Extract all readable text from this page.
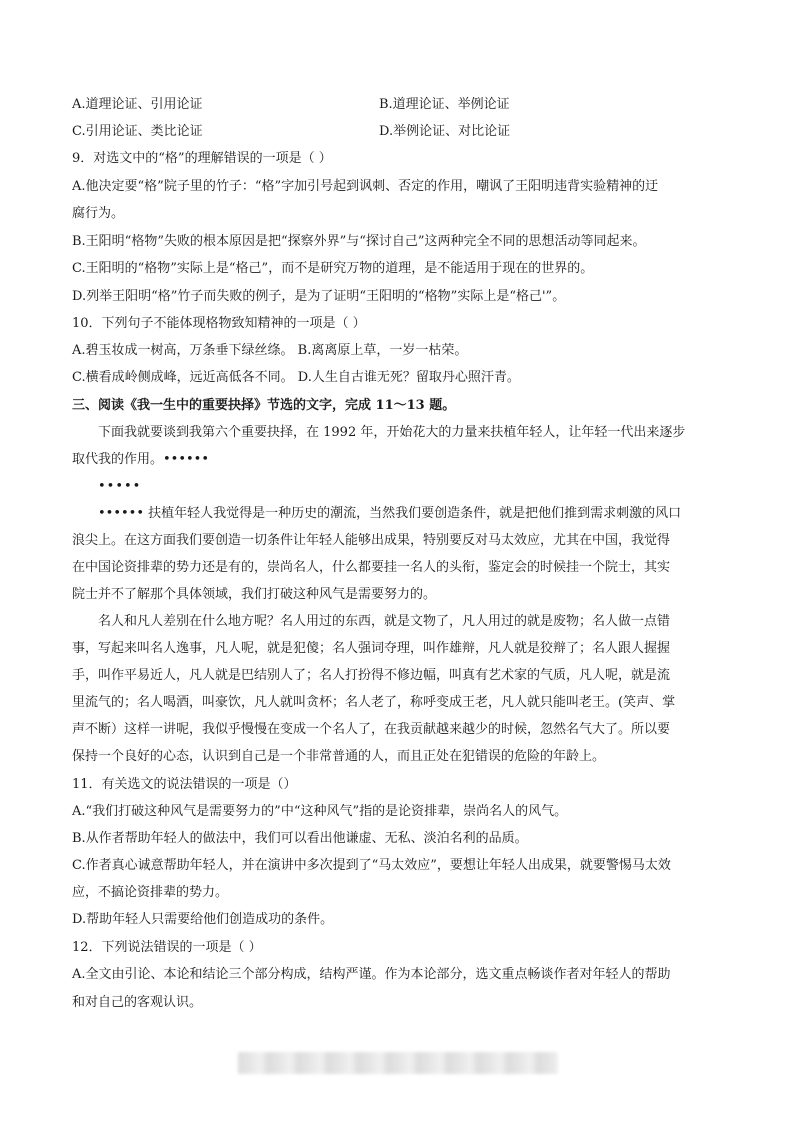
A.道理论证、引用论证	B.道理论证、举例论证
C.引用论证、类比论证	D.举例论证、对比论证
9．对选文中的“格”的理解错误的一项是（ ）
A.他决定要“格”院子里的竹子：“格”字加引号起到讽刺、否定的作用，嘲讽了王阳明违背实验精神的迂
腐行为。
B.王阳明“格物”失败的根本原因是把“探察外界”与“探讨自己”这两种完全不同的思想活动等同起来。
C.王阳明的“格物”实际上是“格己”，而不是研究万物的道理，是不能适用于现在的世界的。
D.列举王阳明“格”竹子而失败的例子，是为了证明“王阳明的“格物”实际上是“格己'”。
10．下列句子不能体现格物致知精神的一项是（ ）
A.碧玉妆成一树高，万条垂下绿丝绦。 B.离离原上草，一岁一枯荣。
C.横看成岭侧成峰，远近高低各不同。 D.人生自古谁无死？留取丹心照汗青。
三、阅读《我一生中的重要抉择》节选的文字，完成 11～13 题。
下面我就要谈到我第六个重要抉择，在 1992 年，开始花大的力量来扶植年轻人，让年轻一代出来逐步
取代我的作用。••••••
•••••
•••••• 扶植年轻人我觉得是一种历史的潮流，当然我们要创造条件，就是把他们推到需求刺激的风口
浪尖上。在这方面我们要创造一切条件让年轻人能够出成果，特别要反对马太效应，尤其在中国，我觉得
在中国论资排辈的势力还是有的，崇尚名人，什么都要挂一名人的头衔，鉴定会的时候挂一个院士，其实
院士并不了解那个具体领域，我们打破这种风气是需要努力的。
名人和凡人差别在什么地方呢？名人用过的东西，就是文物了，凡人用过的就是废物；名人做一点错
事，写起来叫名人逸事，凡人呢，就是犯傻；名人强词夺理，叫作雄辩，凡人就是狡辩了；名人跟人握握
手，叫作平易近人，凡人就是巴结别人了；名人打扮得不修边幅，叫真有艺术家的气质，凡人呢，就是流
里流气的；名人喝酒，叫豪饮，凡人就叫贪杯；名人老了，称呼变成王老，凡人就只能叫老王。(笑声、掌
声不断）这样一讲呢，我似乎慢慢在变成一个名人了，在我贡献越来越少的时候，忽然名气大了。所以要
保持一个良好的心态，认识到自己是一个非常普通的人，而且正处在犯错误的危险的年龄上。
11．有关选文的说法错误的一项是（）
A.“我们打破这种风气是需要努力的”中“这种风气”指的是论资排辈，崇尚名人的风气。
B.从作者帮助年轻人的做法中，我们可以看出他谦虚、无私、淡泊名利的品质。
C.作者真心诚意帮助年轻人，并在演讲中多次提到了“马太效应”，要想让年轻人出成果，就要警惕马太效
应，不搞论资排辈的势力。
D.帮助年轻人只需要给他们创造成功的条件。
12．下列说法错误的一项是（ ）
A.全文由引论、本论和结论三个部分构成，结构严谨。作为本论部分，选文重点畅谈作者对年轻人的帮助
和对自己的客观认识。
